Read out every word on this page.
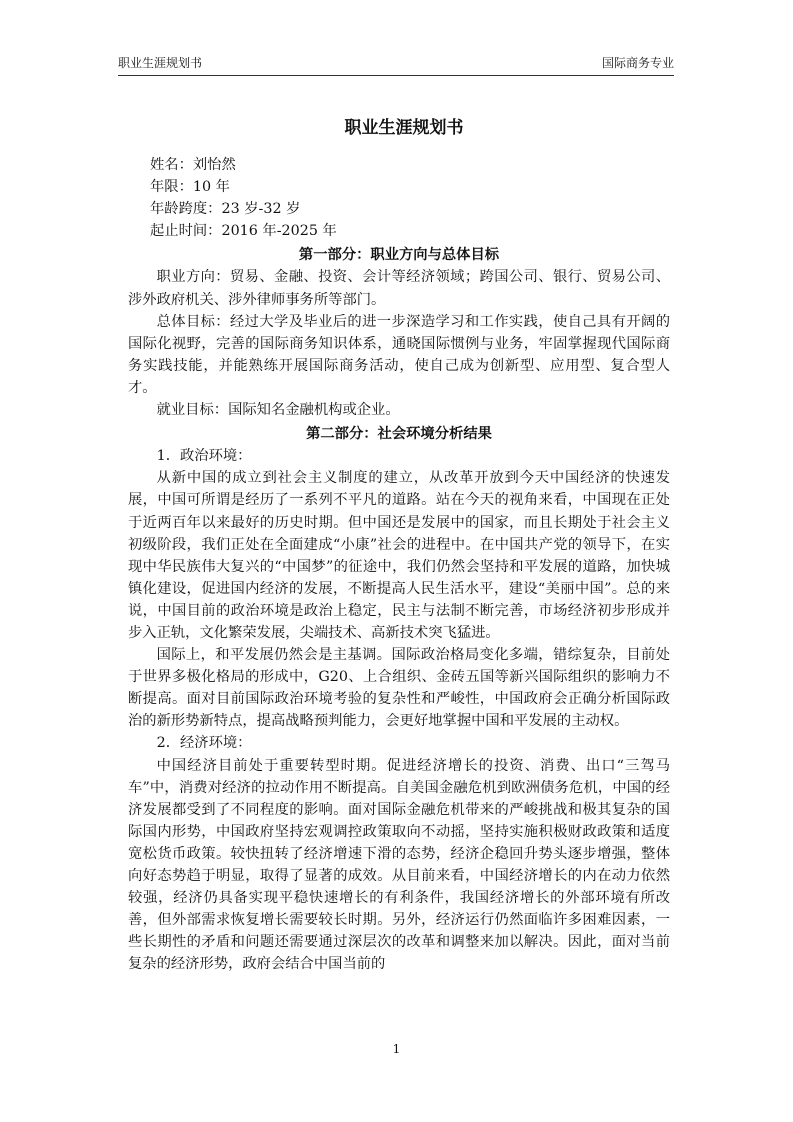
职业生涯规划书	国际商务专业
职业生涯规划书

姓名：刘怡然

年限：10 年

年龄跨度：23 岁-32 岁

起止时间：2016 年-2025 年

第一部分：职业方向与总体目标

职业方向：贸易、金融、投资、会计等经济领域；跨国公司、银行、贸易公司、涉外政府机关、涉外律师事务所等部门。

总体目标：经过大学及毕业后的进一步深造学习和工作实践，使自己具有开阔的国际化视野，完善的国际商务知识体系，通晓国际惯例与业务，牢固掌握现代国际商务实践技能，并能熟练开展国际商务活动，使自己成为创新型、应用型、复合型人才。

就业目标：国际知名金融机构或企业。

第二部分：社会环境分析结果

1．政治环境：

从新中国的成立到社会主义制度的建立，从改革开放到今天中国经济的快速发展，中国可所谓是经历了一系列不平凡的道路。站在今天的视角来看，中国现在正处于近两百年以来最好的历史时期。但中国还是发展中的国家，而且长期处于社会主义初级阶段，我们正处在全面建成“小康”社会的进程中。在中国共产党的领导下，在实现中华民族伟大复兴的“中国梦”的征途中，我们仍然会坚持和平发展的道路，加快城镇化建设，促进国内经济的发展，不断提高人民生活水平，建设“美丽中国”。总的来说，中国目前的政治环境是政治上稳定，民主与法制不断完善，市场经济初步形成并步入正轨，文化繁荣发展，尖端技术、高新技术突飞猛进。

国际上，和平发展仍然会是主基调。国际政治格局变化多端，错综复杂，目前处于世界多极化格局的形成中，G20、上合组织、金砖五国等新兴国际组织的影响力不断提高。面对目前国际政治环境考验的复杂性和严峻性，中国政府会正确分析国际政治的新形势新特点，提高战略预判能力，会更好地掌握中国和平发展的主动权。

2．经济环境：

中国经济目前处于重要转型时期。促进经济增长的投资、消费、出口“三驾马车”中，消费对经济的拉动作用不断提高。自美国金融危机到欧洲债务危机，中国的经济发展都受到了不同程度的影响。面对国际金融危机带来的严峻挑战和极其复杂的国际国内形势，中国政府坚持宏观调控政策取向不动摇，坚持实施积极财政政策和适度宽松货币政策。较快扭转了经济增速下滑的态势，经济企稳回升势头逐步增强，整体向好态势趋于明显，取得了显著的成效。从目前来看，中国经济增长的内在动力依然较强，经济仍具备实现平稳快速增长的有利条件，我国经济增长的外部环境有所改善，但外部需求恢复增长需要较长时期。另外，经济运行仍然面临许多困难因素，一些长期性的矛盾和问题还需要通过深层次的改革和调整来加以解决。因此，面对当前复杂的经济形势，政府会结合中国当前的

1
